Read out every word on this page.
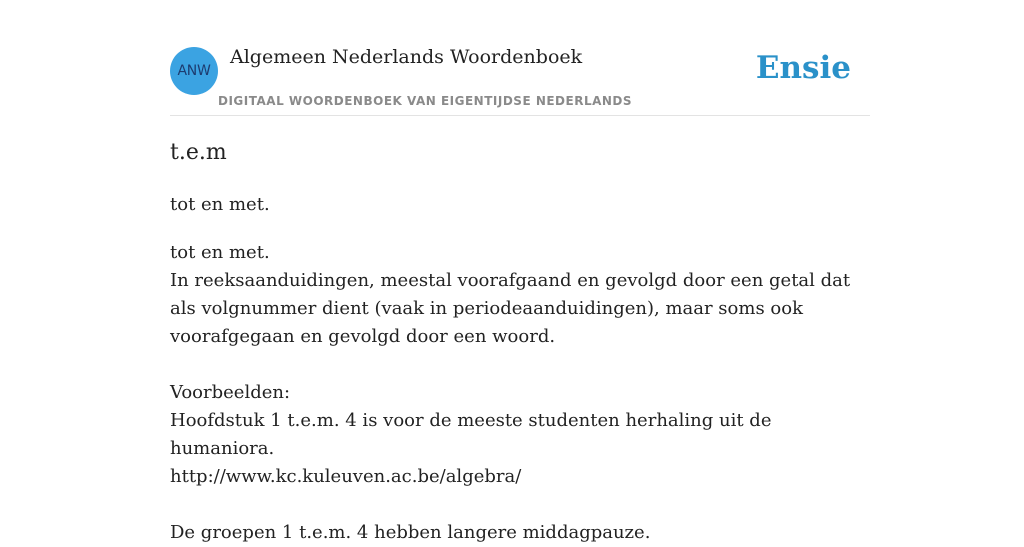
ANW
Algemeen Nederlands Woordenboek
DIGITAAL WOORDENBOEK VAN EIGENTIJDSE NEDERLANDS
Ensie
t.e.m
tot en met.
tot en met.
In reeksaanduidingen, meestal voorafgaand en gevolgd door een getal dat als volgnummer dient (vaak in periodeaanduidingen), maar soms ook voorafgegaan en gevolgd door een woord.

Voorbeelden:
Hoofdstuk 1 t.e.m. 4 is voor de meeste studenten herhaling uit de humaniora.
http://www.kc.kuleuven.ac.be/algebra/

De groepen 1 t.e.m. 4 hebben langere middagpauze.
